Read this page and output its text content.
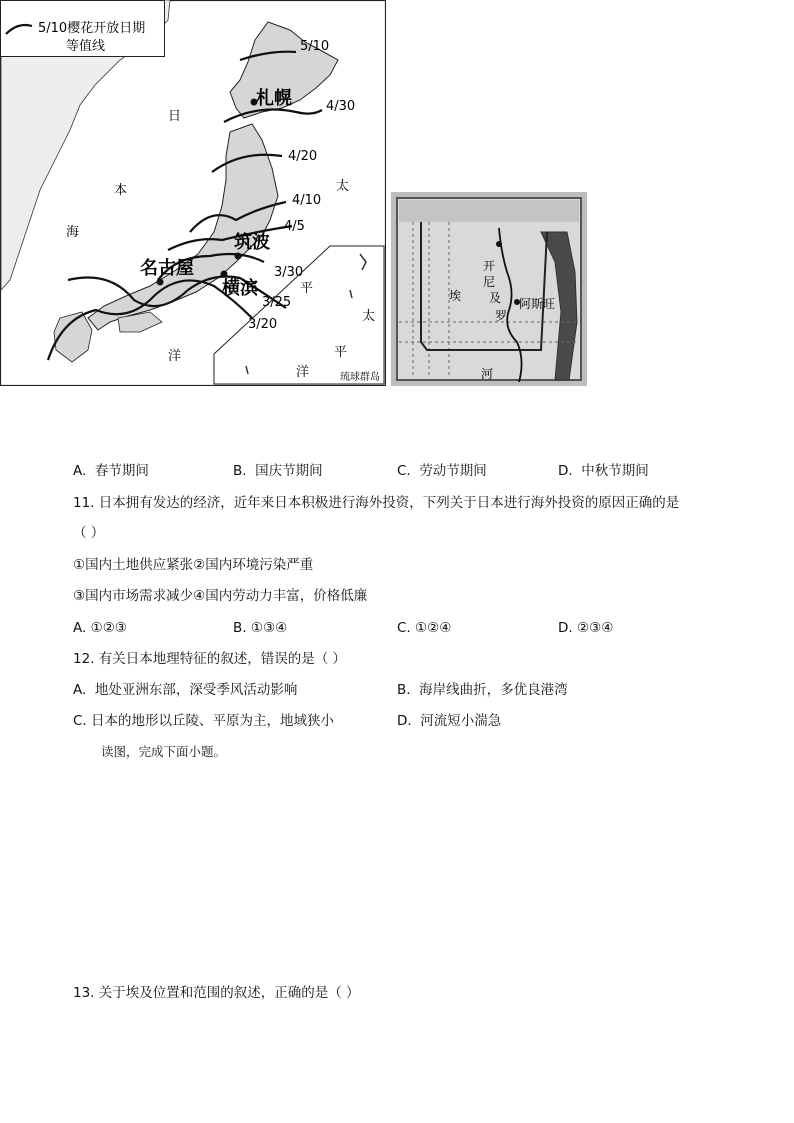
5/10樱花开放日期
等值线	5/10
4/30
4/20
4/10
4/5
3/30
3/25
3/20
札幌
筑波
名古屋
横滨
日
本
海
太
平
洋
太
平
洋	琉球群岛

A. 春节期间	B. 国庆节期间	C. 劳动节期间	D. 中秋节期间
11. 日本拥有发达的经济，近年来日本积极进行海外投资，下列关于日本进行海外投资的原因正确的是
（ ）
①国内土地供应紧张②国内环境污染严重
③国内市场需求减少④国内劳动力丰富，价格低廉
A. ①②③	B. ①③④	C. ①②④	D. ②③④
12. 有关日本地理特征的叙述，错误的是（ ）
A. 地处亚洲东部，深受季风活动影响	B. 海岸线曲折，多优良港湾
C. 日本的地形以丘陵、平原为主，地域狭小	D. 河流短小湍急
读图，完成下面小题。
开
尼
及
罗
埃
河
阿斯旺
13. 关于埃及位置和范围的叙述，正确的是（ ）
